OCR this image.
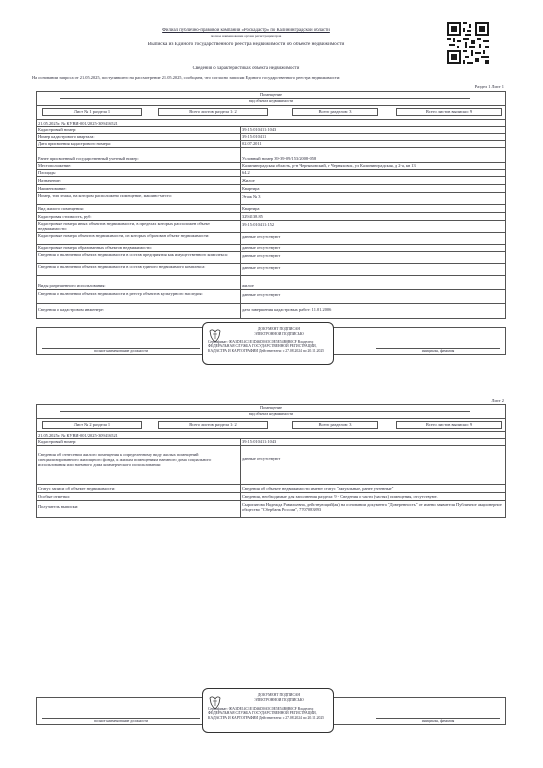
Филиал публично-правовой компании «Роскадастр» по Калининградской области
полное наименование органа регистрации прав
Выписка из Единого государственного реестра недвижимости об объекте недвижимости
Сведения о характеристиках объекта недвижимости
На основании запроса от 21.05.2025, поступившего на рассмотрение 21.05.2025, сообщаем, что согласно записям Единого государственного реестра недвижимости:
Раздел 1 Лист 1
Помещение
вид объекта недвижимости
Лист № 1 раздела 1	Всего листов раздела 1: 2	Всего разделов: 3	Всего листов выписки: 9
21.05.2025г. № КУВИ-001/2025-309416521
Кадастровый номер:	39:15:010411:1043
Номер кадастрового квартала:	39:15:010411
Дата присвоения кадастрового номера:	02.07.2011
Ранее присвоенный государственный учетный номер:	Условный номер 39-39-09/153/2008-058
Местоположение:	Калининградская область, р-н Черняховский, г Черняховск, ул Калининградская, д 2-а, кв 13
Площадь:	64.2
Назначение:	Жилое
Наименование:	Квартира
Номер, тип этажа, на котором расположено помещение, машино-место:	Этаж № 3
Вид жилого помещения:	Квартира
Кадастровая стоимость, руб:	3294138.85
Кадастровые номера иных объектов недвижимости, в пределах которых расположен объект недвижимости:
39:15:010411:152
Кадастровые номера объектов недвижимости, из которых образован объект недвижимости:	данные отсутствуют
Кадастровые номера образованных объектов недвижимости:	данные отсутствуют
Сведения о включении объекта недвижимости в состав предприятия как имущественного комплекса:	данные отсутствуют
Сведения о включении объекта недвижимости в состав единого недвижимого комплекса:	данные отсутствуют
Виды разрешенного использования:	жилое
Сведения о включении объекта недвижимости в реестр объектов культурного наследия:	данные отсутствуют
Сведения о кадастровом инженере:	дата завершения кадастровых работ: 11.01.2006
полное наименование должности	инициалы, фамилия
ДОКУМЕНТ ПОДПИСАН
ЭЛЕКТРОННОЙ ПОДПИСЬЮ
Сертификат: 00A3DE14C1E1D46D0A5C0E5E54B0B0CF Владелец: ФЕДЕРАЛЬНАЯ СЛУЖБА ГОСУДАРСТВЕННОЙ РЕГИСТРАЦИИ, КАДАСТРА И КАРТОГРАФИИ Действителен: с 27.08.2024 по 20.11.2025
Лист 2
Помещение
вид объекта недвижимости
Лист № 2 раздела 1	Всего листов раздела 1: 2	Всего разделов: 3	Всего листов выписки: 9
21.05.2025г. № КУВИ-001/2025-309416521
Кадастровый номер:	39:15:010411:1043
Сведения об отнесении жилого помещения к определенному виду жилых помещений специализированного жилищного фонда, к жилым помещениям наемного дома социального использования или наемного дома коммерческого использования:
данные отсутствуют
Статус записи об объекте недвижимости:	Сведения об объекте недвижимости имеют статус "актуальные, ранее учтенные"
Особые отметки:	Сведения, необходимые для заполнения раздела: 9 - Сведения о части (частях) помещения, отсутствуют.
Получатель выписки:	Сыропятова Надежда Равильевна, действующий(ая) на основании документа "Доверенность" от имени заявителя Публичное акционерное общество "Сбербанк России", 7707083893
полное наименование должности	инициалы, фамилия
ДОКУМЕНТ ПОДПИСАН
ЭЛЕКТРОННОЙ ПОДПИСЬЮ
Сертификат: 00A3DE14C1E1D46D0A5C0E5E54B0B0CF Владелец: ФЕДЕРАЛЬНАЯ СЛУЖБА ГОСУДАРСТВЕННОЙ РЕГИСТРАЦИИ, КАДАСТРА И КАРТОГРАФИИ Действителен: с 27.08.2024 по 20.11.2025
